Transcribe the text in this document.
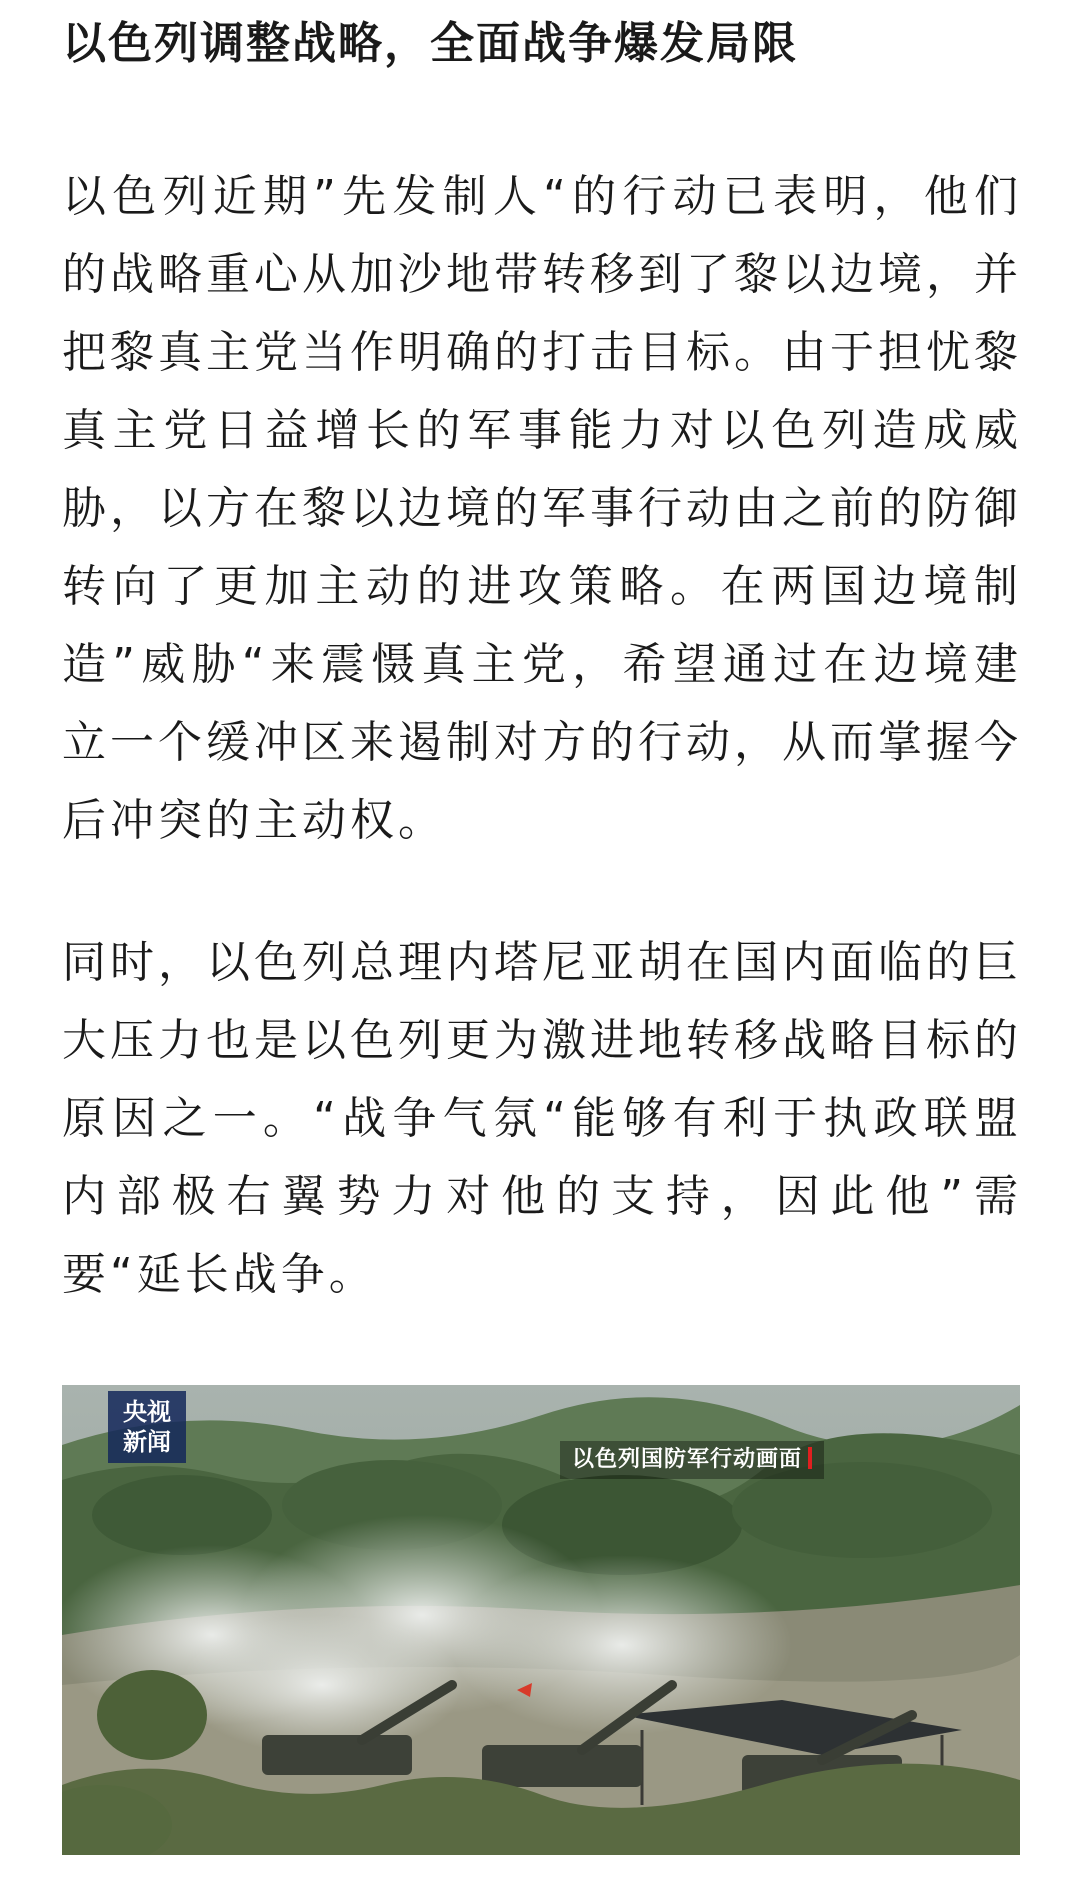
以色列调整战略，全面战争爆发局限

以色列近期”先发制人“的行动已表明，他们的战略重心从加沙地带转移到了黎以边境，并把黎真主党当作明确的打击目标。由于担忧黎真主党日益增长的军事能力对以色列造成威胁，以方在黎以边境的军事行动由之前的防御转向了更加主动的进攻策略。在两国边境制造”威胁“来震慑真主党，希望通过在边境建立一个缓冲区来遏制对方的行动，从而掌握今后冲突的主动权。

同时，以色列总理内塔尼亚胡在国内面临的巨大压力也是以色列更为激进地转移战略目标的原因之一。“战争气氛“能够有利于执政联盟内部极右翼势力对他的支持，因此他”需要“延长战争。

央视
新闻
以色列国防军行动画面
